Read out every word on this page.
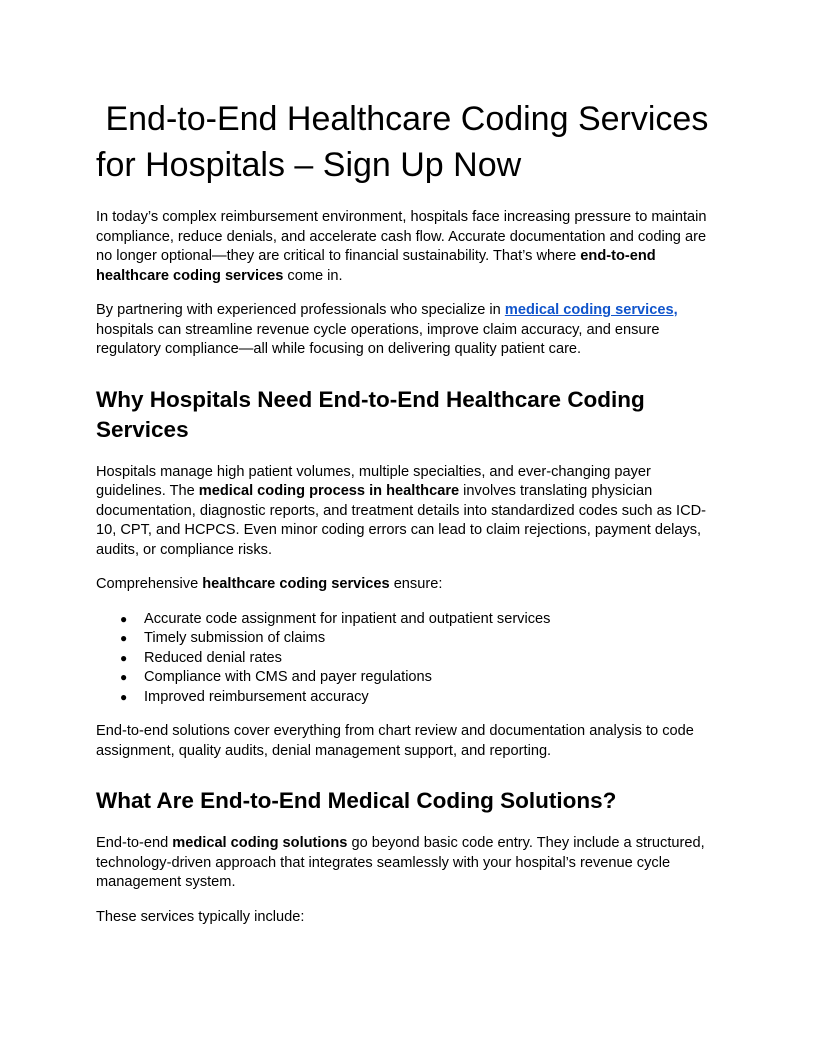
End-to-End Healthcare Coding Services for Hospitals – Sign Up Now

In today’s complex reimbursement environment, hospitals face increasing pressure to maintain compliance, reduce denials, and accelerate cash flow. Accurate documentation and coding are no longer optional—they are critical to financial sustainability. That’s where end-to-end healthcare coding services come in.

By partnering with experienced professionals who specialize in medical coding services, hospitals can streamline revenue cycle operations, improve claim accuracy, and ensure regulatory compliance—all while focusing on delivering quality patient care.

Why Hospitals Need End-to-End Healthcare Coding Services

Hospitals manage high patient volumes, multiple specialties, and ever-changing payer guidelines. The medical coding process in healthcare involves translating physician documentation, diagnostic reports, and treatment details into standardized codes such as ICD-10, CPT, and HCPCS. Even minor coding errors can lead to claim rejections, payment delays, audits, or compliance risks.

Comprehensive healthcare coding services ensure:

● Accurate code assignment for inpatient and outpatient services
● Timely submission of claims
● Reduced denial rates
● Compliance with CMS and payer regulations
● Improved reimbursement accuracy

End-to-end solutions cover everything from chart review and documentation analysis to code assignment, quality audits, denial management support, and reporting.

What Are End-to-End Medical Coding Solutions?

End-to-end medical coding solutions go beyond basic code entry. They include a structured, technology-driven approach that integrates seamlessly with your hospital’s revenue cycle management system.

These services typically include:
